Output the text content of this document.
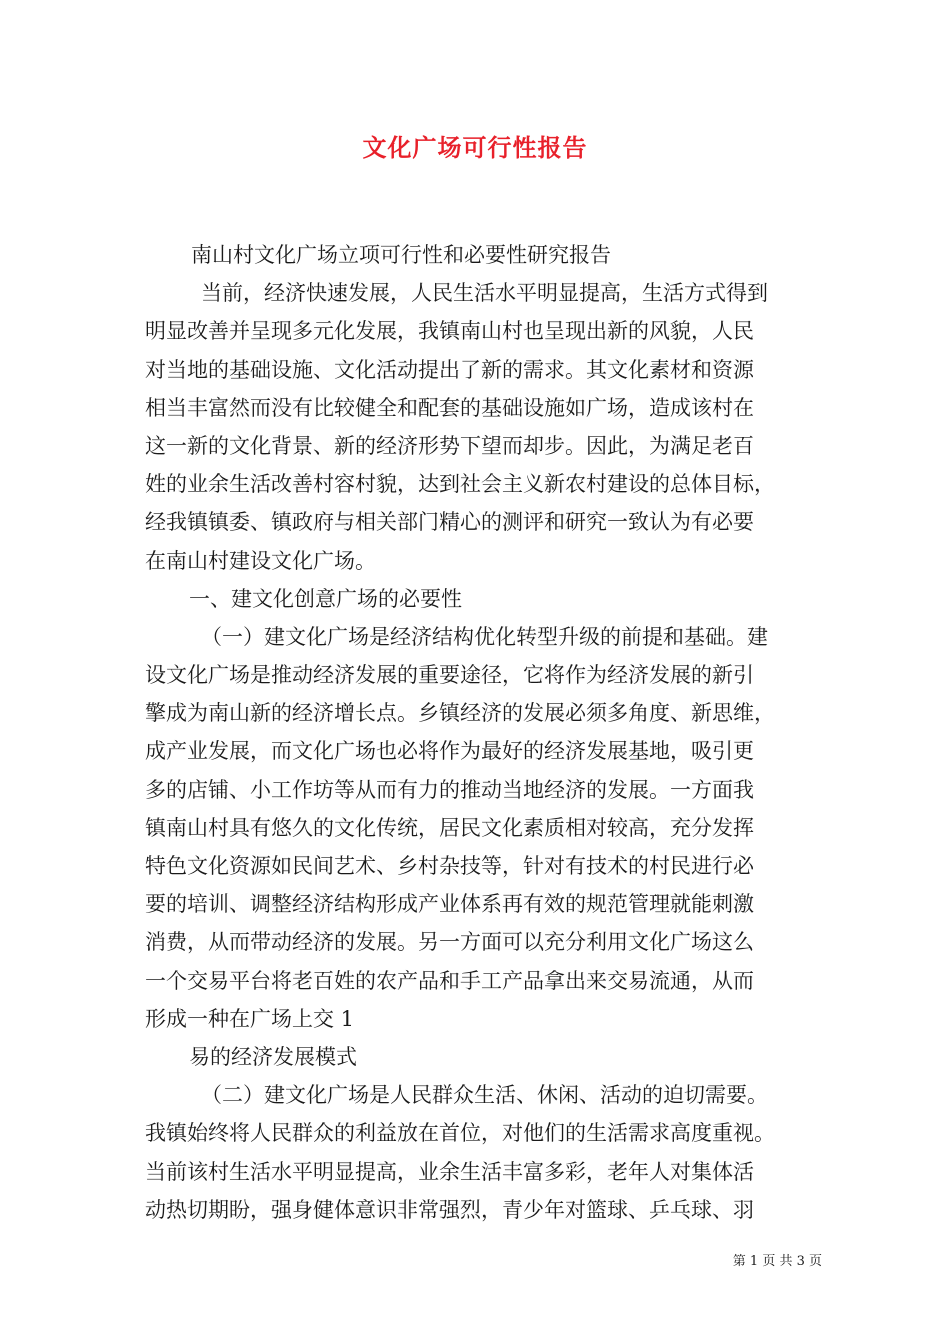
文化广场可行性报告
南山村文化广场立项可行性和必要性研究报告
当前，经济快速发展，人民生活水平明显提高，生活方式得到
明显改善并呈现多元化发展，我镇南山村也呈现出新的风貌，人民
对当地的基础设施、文化活动提出了新的需求。其文化素材和资源
相当丰富然而没有比较健全和配套的基础设施如广场，造成该村在
这一新的文化背景、新的经济形势下望而却步。因此，为满足老百
姓的业余生活改善村容村貌，达到社会主义新农村建设的总体目标，
经我镇镇委、镇政府与相关部门精心的测评和研究一致认为有必要
在南山村建设文化广场。
一、建文化创意广场的必要性
（一）建文化广场是经济结构优化转型升级的前提和基础。建
设文化广场是推动经济发展的重要途径，它将作为经济发展的新引
擎成为南山新的经济增长点。乡镇经济的发展必须多角度、新思维，
成产业发展，而文化广场也必将作为最好的经济发展基地，吸引更
多的店铺、小工作坊等从而有力的推动当地经济的发展。一方面我
镇南山村具有悠久的文化传统，居民文化素质相对较高，充分发挥
特色文化资源如民间艺术、乡村杂技等，针对有技术的村民进行必
要的培训、调整经济结构形成产业体系再有效的规范管理就能刺激
消费，从而带动经济的发展。另一方面可以充分利用文化广场这么
一个交易平台将老百姓的农产品和手工产品拿出来交易流通，从而
形成一种在广场上交 1
易的经济发展模式
（二）建文化广场是人民群众生活、休闲、活动的迫切需要。
我镇始终将人民群众的利益放在首位，对他们的生活需求高度重视。
当前该村生活水平明显提高，业余生活丰富多彩，老年人对集体活
动热切期盼，强身健体意识非常强烈，青少年对篮球、乒乓球、羽
第 1 页 共 3 页
